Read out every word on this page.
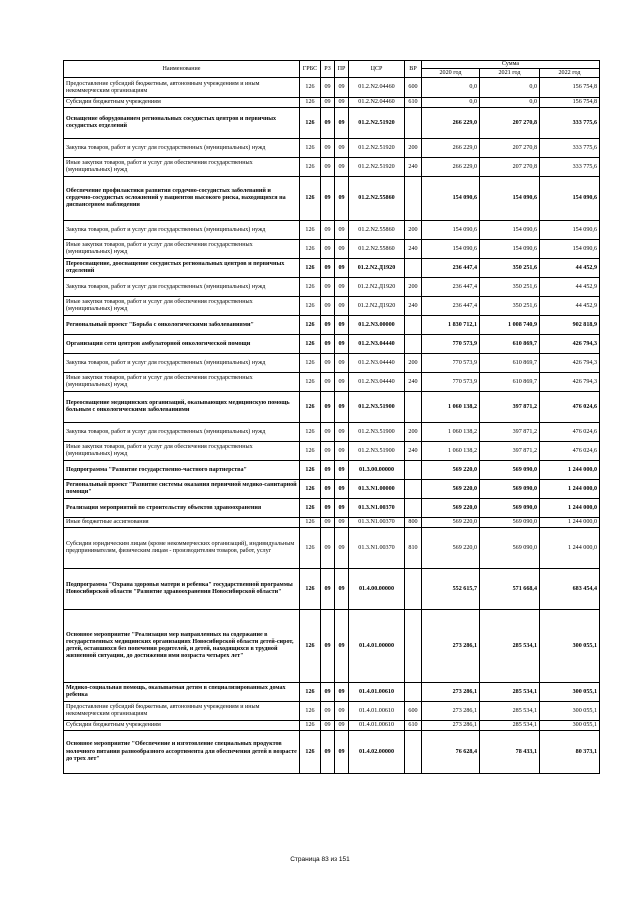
Наименование	ГРБС	РЗ	ПР	ЦСР	ВР	Сумма		
						2020 год	2021 год	2022 год
Предоставление субсидий бюджетным, автономным учреждениям и иным некоммерческим организациям	126	09	09	01.2.N2.04460	600	0,0	0,0	156 754,8
Субсидии бюджетным учреждениям	126	09	09	01.2.N2.04460	610	0,0	0,0	156 754,8
Оснащение оборудованием региональных сосудистых центров и первичных сосудистых отделений	126	09	09	01.2.N2.51920		266 229,0	207 270,8	333 775,6
Закупка товаров, работ и услуг для государственных (муниципальных) нужд	126	09	09	01.2.N2.51920	200	266 229,0	207 270,8	333 775,6
Иные закупки товаров, работ и услуг для обеспечения государственных (муниципальных) нужд	126	09	09	01.2.N2.51920	240	266 229,0	207 270,8	333 775,6
Обеспечение профилактики развития сердечно-сосудистых заболеваний и сердечно-сосудистых осложнений у пациентов высокого риска, находящихся на диспансерном наблюдении	126	09	09	01.2.N2.55860		154 090,6	154 090,6	154 090,6
Закупка товаров, работ и услуг для государственных (муниципальных) нужд	126	09	09	01.2.N2.55860	200	154 090,6	154 090,6	154 090,6
Иные закупки товаров, работ и услуг для обеспечения государственных (муниципальных) нужд	126	09	09	01.2.N2.55860	240	154 090,6	154 090,6	154 090,6
Переоснащение, дооснащение сосудистых региональных центров и первичных отделений	126	09	09	01.2.N2.Д1920		236 447,4	350 251,6	44 452,9
Закупка товаров, работ и услуг для государственных (муниципальных) нужд	126	09	09	01.2.N2.Д1920	200	236 447,4	350 251,6	44 452,9
Иные закупки товаров, работ и услуг для обеспечения государственных (муниципальных) нужд	126	09	09	01.2.N2.Д1920	240	236 447,4	350 251,6	44 452,9
Региональный проект "Борьба с онкологическими заболеваниями"	126	09	09	01.2.N3.00000		1 830 712,1	1 008 740,9	902 818,9
Организация сети центров амбулаторной онкологической помощи	126	09	09	01.2.N3.04440		770 573,9	610 869,7	426 794,3
Закупка товаров, работ и услуг для государственных (муниципальных) нужд	126	09	09	01.2.N3.04440	200	770 573,9	610 869,7	426 794,3
Иные закупки товаров, работ и услуг для обеспечения государственных (муниципальных) нужд	126	09	09	01.2.N3.04440	240	770 573,9	610 869,7	426 794,3
Переоснащение медицинских организаций, оказывающих медицинскую помощь больным с онкологическими заболеваниями	126	09	09	01.2.N3.51900		1 060 138,2	397 871,2	476 024,6
Закупка товаров, работ и услуг для государственных (муниципальных) нужд	126	09	09	01.2.N3.51900	200	1 060 138,2	397 871,2	476 024,6
Иные закупки товаров, работ и услуг для обеспечения государственных (муниципальных) нужд	126	09	09	01.2.N3.51900	240	1 060 138,2	397 871,2	476 024,6
Подпрограмма "Развитие государственно-частного партнерства"	126	09	09	01.3.00.00000		569 220,0	569 090,0	1 244 000,0
Региональный проект "Развитие системы оказания первичной медико-санитарной помощи"	126	09	09	01.3.N1.00000		569 220,0	569 090,0	1 244 000,0
Реализация мероприятий по строительству объектов здравоохранения	126	09	09	01.3.N1.00370		569 220,0	569 090,0	1 244 000,0
Иные бюджетные ассигнования	126	09	09	01.3.N1.00370	800	569 220,0	569 090,0	1 244 000,0
Субсидии юридическим лицам (кроме некоммерческих организаций), индивидуальным предпринимателям, физическим лицам - производителям товаров, работ, услуг	126	09	09	01.3.N1.00370	810	569 220,0	569 090,0	1 244 000,0
Подпрограмма "Охрана здоровья матери и ребенка" государственной программы Новосибирской области "Развитие здравоохранения Новосибирской области"	126	09	09	01.4.00.00000		552 615,7	571 668,4	683 454,4
Основное мероприятие "Реализация мер направленных на содержание в государственных медицинских организациях Новосибирской области детей-сирот, детей, оставшихся без попечения родителей, и детей, находящихся в трудной жизненной ситуации, до достижения ими возраста четырех лет"	126	09	09	01.4.01.00000		273 286,1	285 534,1	300 055,1
Медико-социальная помощь, оказываемая детям в специализированных домах ребенка	126	09	09	01.4.01.00610		273 286,1	285 534,1	300 055,1
Предоставление субсидий бюджетным, автономным учреждениям и иным некоммерческим организациям	126	09	09	01.4.01.00610	600	273 286,1	285 534,1	300 055,1
Субсидии бюджетным учреждениям	126	09	09	01.4.01.00610	610	273 286,1	285 534,1	300 055,1
Основное мероприятие "Обеспечение и изготовление специальных продуктов молочного питания разнообразного ассортимента для обеспечения детей в возрасте до трех лет"	126	09	09	01.4.02.00000		76 628,4	78 433,1	80 373,1
Страница 83 из 151
